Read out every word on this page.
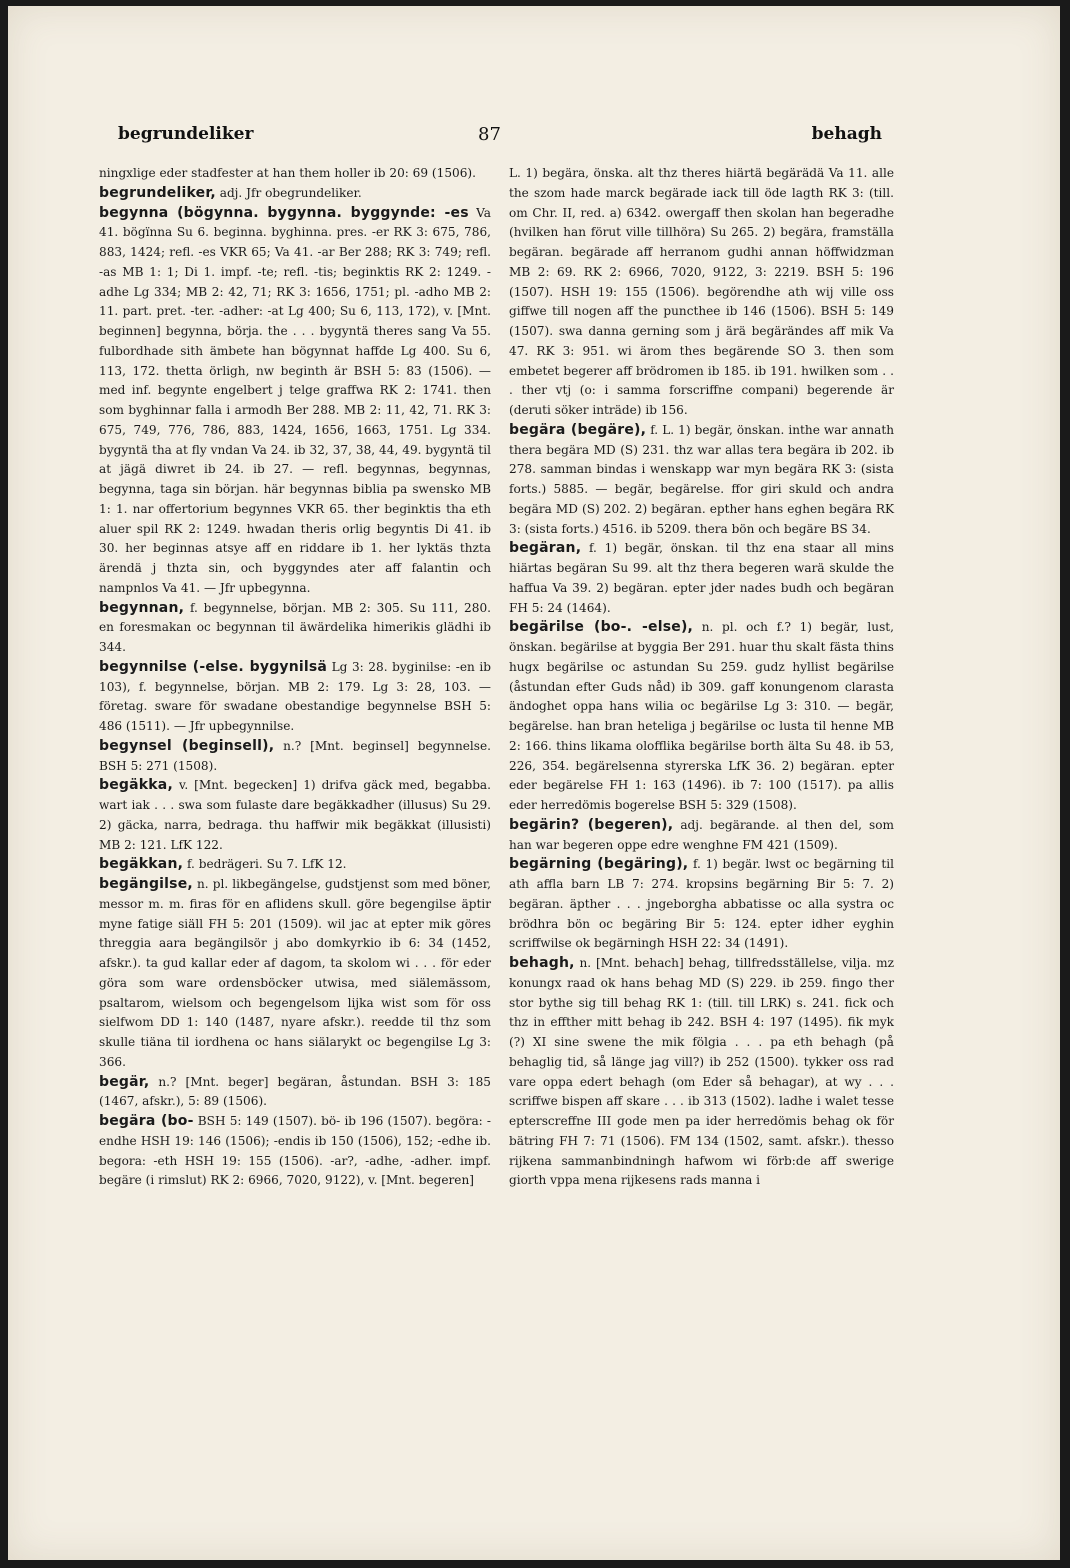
begrundeliker	87	behagh

ningxlige eder stadfester at han them holler ib 20: 69 (1506).

begrundeliker, adj. Jfr obegrundeliker.

begynna (bögynna. bygynna. byggynde: -es Va 41. bögïnna Su 6. beginna. byghinna. pres. -er RK 3: 675, 786, 883, 1424; refl. -es VKR 65; Va 41. -ar Ber 288; RK 3: 749; refl. -as MB 1: 1; Di 1. impf. -te; refl. -tis; beginktis RK 2: 1249. -adhe Lg 334; MB 2: 42, 71; RK 3: 1656, 1751; pl. -adho MB 2: 11. part. pret. -ter. -adher: -at Lg 400; Su 6, 113, 172), v. [Mnt. beginnen] begynna, börja. the . . . bygyntä theres sang Va 55. fulbordhade sith ämbete han bögynnat haffde Lg 400. Su 6, 113, 172. thetta örligh, nw beginth är BSH 5: 83 (1506). — med inf. begynte engelbert j telge graffwa RK 2: 1741. then som byghinnar falla i armodh Ber 288. MB 2: 11, 42, 71. RK 3: 675, 749, 776, 786, 883, 1424, 1656, 1663, 1751. Lg 334. bygyntä tha at fly vndan Va 24. ib 32, 37, 38, 44, 49. bygyntä til at jägä diwret ib 24. ib 27. — refl. begynnas, begynnas, begynna, taga sin början. här begynnas biblia pa swensko MB 1: 1. nar offertorium begynnes VKR 65. ther beginktis tha eth aluer spil RK 2: 1249. hwadan theris orlig begyntis Di 41. ib 30. her beginnas atsye aff en riddare ib 1. her lyktäs thzta ärendä j thzta sin, och byggyndes ater aff falantin och nampnlos Va 41. — Jfr upbegynna.

begynnan, f. begynnelse, början. MB 2: 305. Su 111, 280. en foresmakan oc begynnan til äwärdelika himerikis glädhi ib 344.

begynnilse (-else. bygynilsä Lg 3: 28. byginilse: -en ib 103), f. begynnelse, början. MB 2: 179. Lg 3: 28, 103. — företag. sware för swadane obestandige begynnelse BSH 5: 486 (1511). — Jfr upbegynnilse.

begynsel (beginsell), n.? [Mnt. beginsel] begynnelse. BSH 5: 271 (1508).

begäkka, v. [Mnt. begecken] 1) drifva gäck med, begabba. wart iak . . . swa som fulaste dare begäkkadher (illusus) Su 29. 2) gäcka, narra, bedraga. thu haffwir mik begäkkat (illusisti) MB 2: 121. LfK 122.

begäkkan, f. bedrägeri. Su 7. LfK 12.

begängilse, n. pl. likbegängelse, gudstjenst som med böner, messor m. m. firas för en aflidens skull. göre begengilse äptir myne fatige siäll FH 5: 201 (1509). wil jac at epter mik göres threggia aara begängilsör j abo domkyrkio ib 6: 34 (1452, afskr.). ta gud kallar eder af dagom, ta skolom wi . . . för eder göra som ware ordensböcker utwisa, med siälemässom, psaltarom, wielsom och begengelsom lijka wist som för oss sielfwom DD 1: 140 (1487, nyare afskr.). reedde til thz som skulle tiäna til iordhena oc hans siälarykt oc begengilse Lg 3: 366.

begär, n.? [Mnt. beger] begäran, åstundan. BSH 3: 185 (1467, afskr.), 5: 89 (1506).

begära (bo- BSH 5: 149 (1507). bö- ib 196 (1507). begöra: -endhe HSH 19: 146 (1506); -endis ib 150 (1506), 152; -edhe ib. begora: -eth HSH 19: 155 (1506). -ar?, -adhe, -adher. impf. begäre (i rimslut) RK 2: 6966, 7020, 9122), v. [Mnt. begeren]

L. 1) begära, önska. alt thz theres hiärtä begärädä Va 11. alle the szom hade marck begärade iack till öde lagth RK 3: (till. om Chr. II, red. a) 6342. owergaff then skolan han begeradhe (hvilken han förut ville tillhöra) Su 265. 2) begära, framställa begäran. begärade aff herranom gudhi annan höffwidzman MB 2: 69. RK 2: 6966, 7020, 9122, 3: 2219. BSH 5: 196 (1507). HSH 19: 155 (1506). begörendhe ath wij ville oss giffwe till nogen aff the puncthee ib 146 (1506). BSH 5: 149 (1507). swa danna gerning som j ärä begärändes aff mik Va 47. RK 3: 951. wi ärom thes begärende SO 3. then som embetet begerer aff brödromen ib 185. ib 191. hwilken som . . . ther vtj (o: i samma forscriffne compani) begerende är (deruti söker inträde) ib 156.

begära (begäre), f. L. 1) begär, önskan. inthe war annath thera begära MD (S) 231. thz war allas tera begära ib 202. ib 278. samman bindas i wenskapp war myn begära RK 3: (sista forts.) 5885. — begär, begärelse. ffor giri skuld och andra begära MD (S) 202. 2) begäran. epther hans eghen begära RK 3: (sista forts.) 4516. ib 5209. thera bön och begäre BS 34.

begäran, f. 1) begär, önskan. til thz ena staar all mins hiärtas begäran Su 99. alt thz thera begeren warä skulde the haffua Va 39. 2) begäran. epter jder nades budh och begäran FH 5: 24 (1464).

begärilse (bo-. -else), n. pl. och f.? 1) begär, lust, önskan. begärilse at byggia Ber 291. huar thu skalt fästa thins hugx begärilse oc astundan Su 259. gudz hyllist begärilse (åstundan efter Guds nåd) ib 309. gaff konungenom clarasta ändoghet oppa hans wilia oc begärilse Lg 3: 310. — begär, begärelse. han bran heteliga j begärilse oc lusta til henne MB 2: 166. thins likama olofflika begärilse borth älta Su 48. ib 53, 226, 354. begärelsenna styrerska LfK 36. 2) begäran. epter eder begärelse FH 1: 163 (1496). ib 7: 100 (1517). pa allis eder herredömis bogerelse BSH 5: 329 (1508).

begärin? (begeren), adj. begärande. al then del, som han war begeren oppe edre wenghne FM 421 (1509).

begärning (begäring), f. 1) begär. lwst oc begärning til ath affla barn LB 7: 274. kropsins begärning Bir 5: 7. 2) begäran. äpther . . . jngeborgha abbatisse oc alla systra oc brödhra bön oc begäring Bir 5: 124. epter idher eyghin scriffwilse ok begärningh HSH 22: 34 (1491).

behagh, n. [Mnt. behach] behag, tillfredsställelse, vilja. mz konungx raad ok hans behag MD (S) 229. ib 259. fingo ther stor bythe sig till behag RK 1: (till. till LRK) s. 241. fick och thz in effther mitt behag ib 242. BSH 4: 197 (1495). fik myk (?) XI sine swene the mik fölgia . . . pa eth behagh (på behaglig tid, så länge jag vill?) ib 252 (1500). tykker oss rad vare oppa edert behagh (om Eder så behagar), at wy . . . scriffwe bispen aff skare . . . ib 313 (1502). ladhe i walet tesse epterscreffne III gode men pa ider herredömis behag ok för bätring FH 7: 71 (1506). FM 134 (1502, samt. afskr.). thesso rijkena sammanbindningh hafwom wi förb:de aff swerige giorth vppa mena rijkesens rads manna i
